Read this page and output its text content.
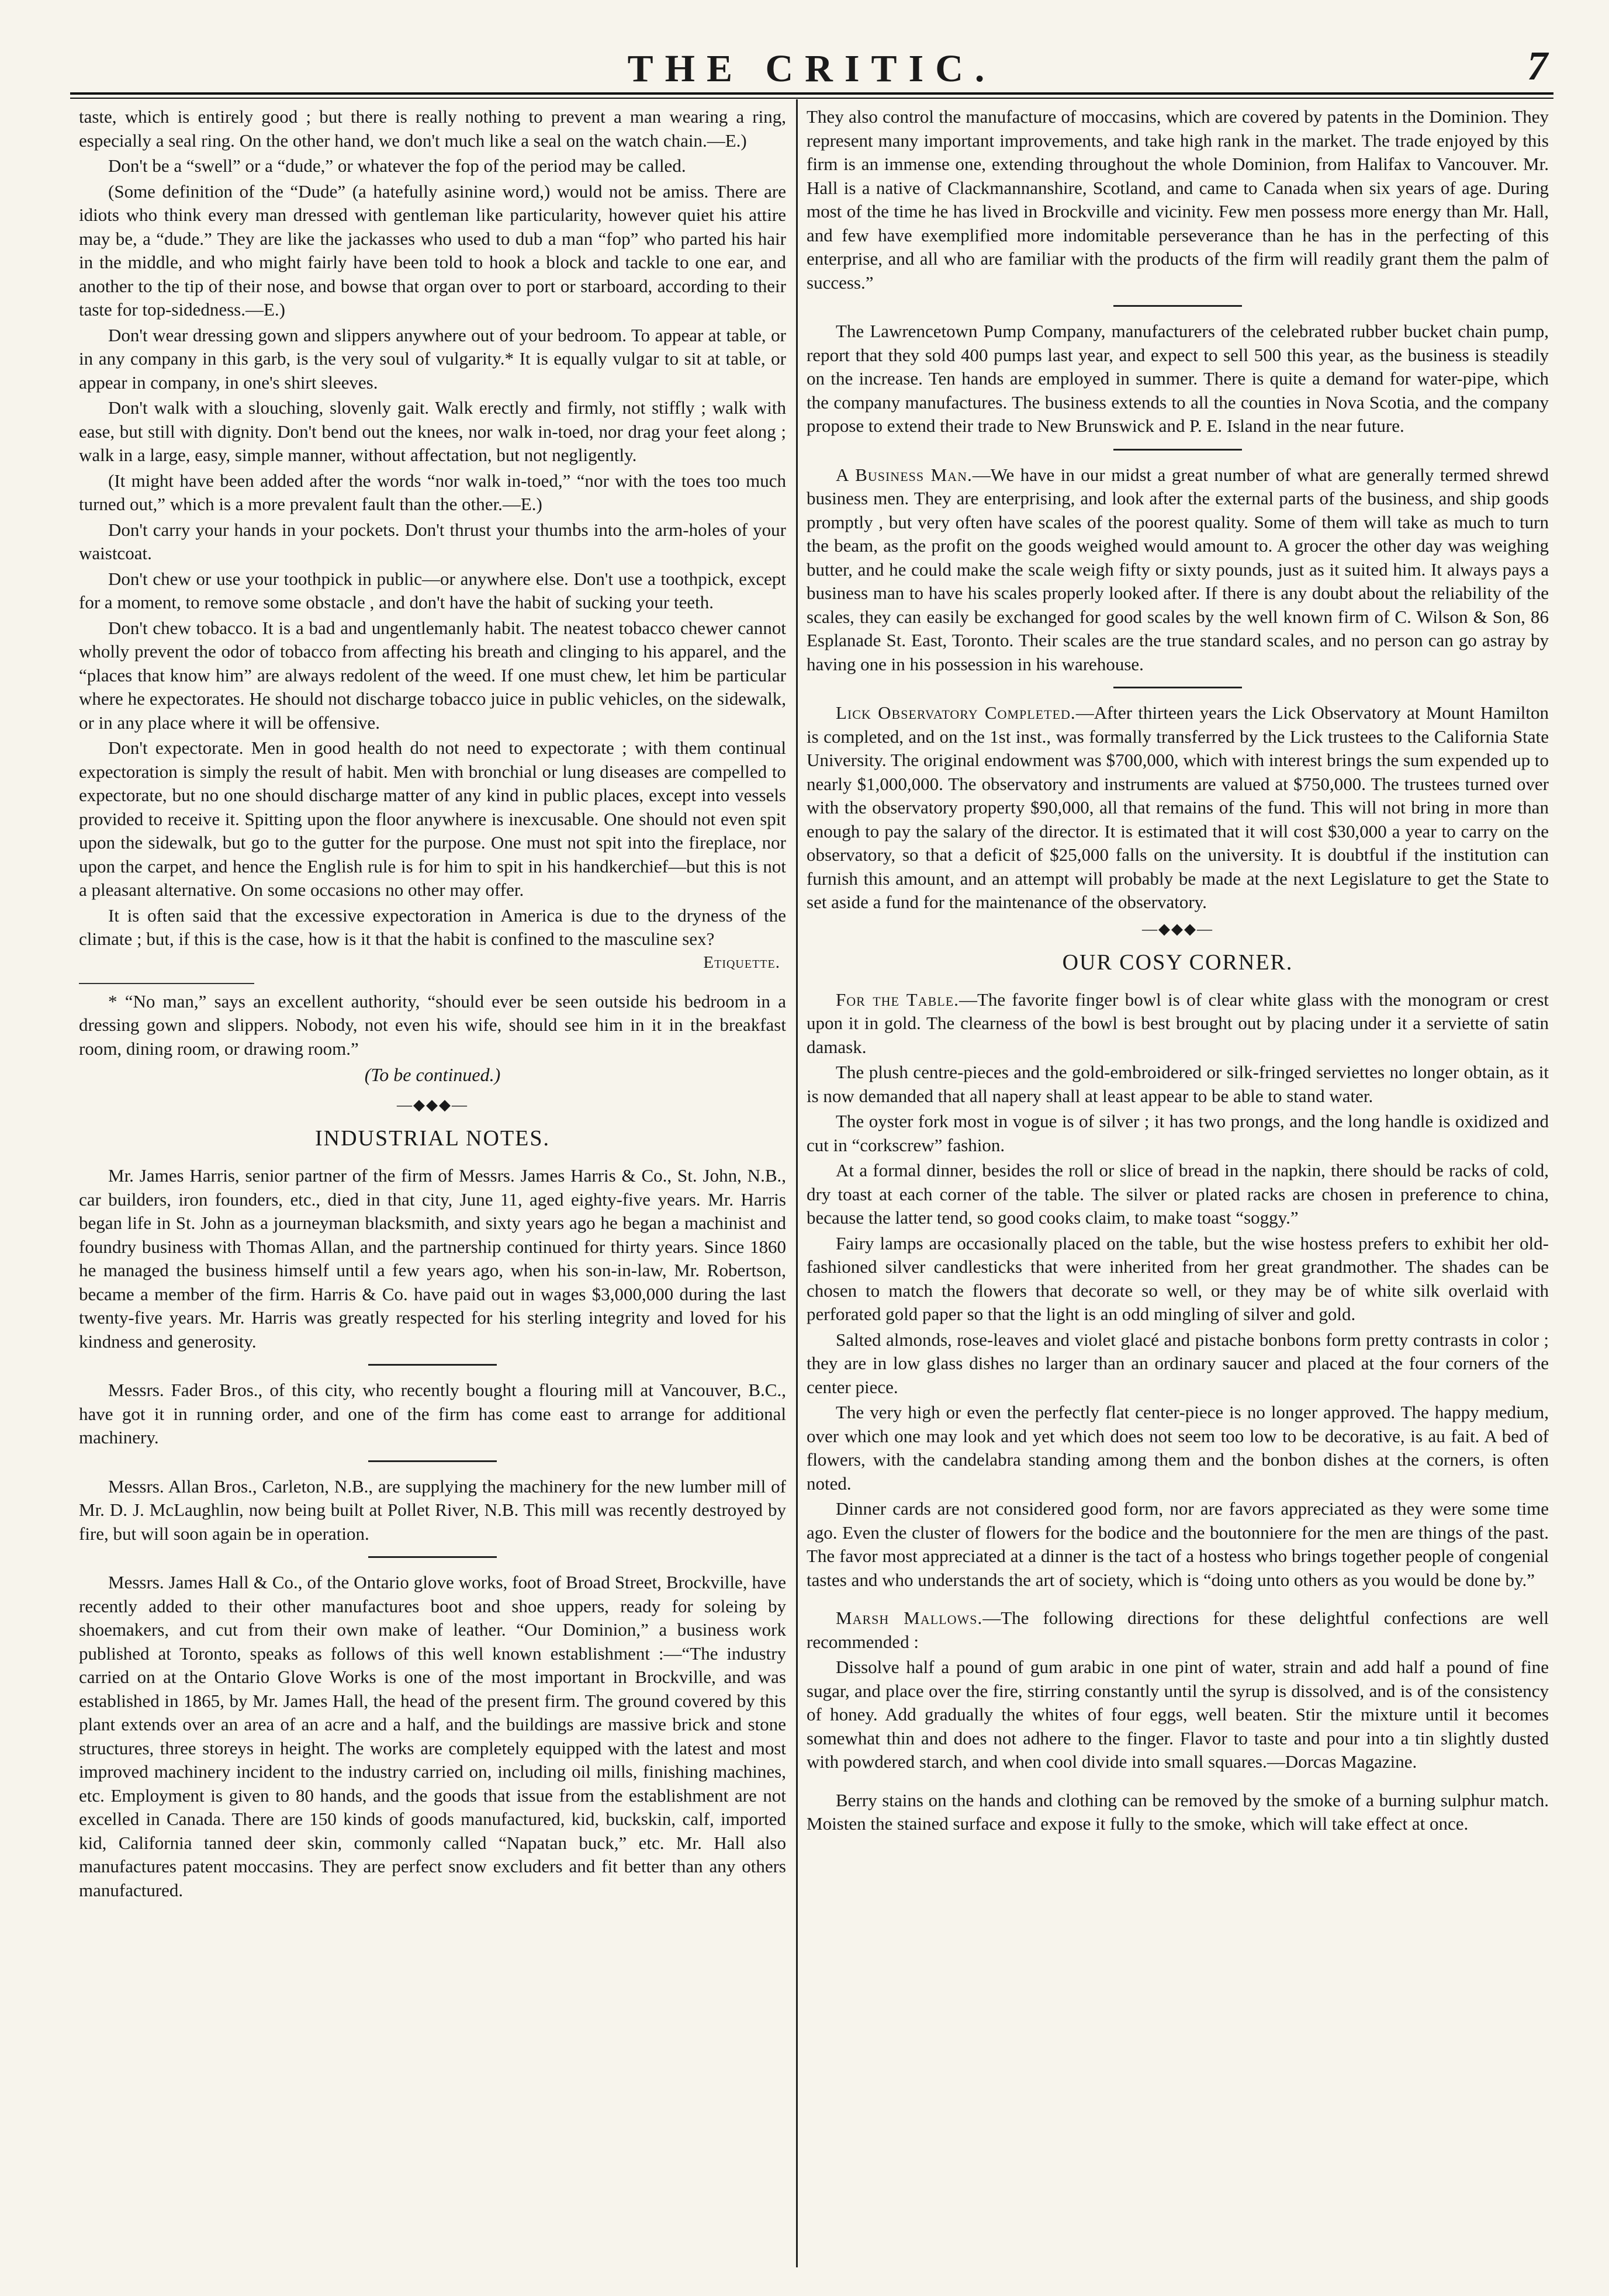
THE CRITIC.	7

taste, which is entirely good ; but there is really nothing to prevent a man wearing a ring, especially a seal ring. On the other hand, we don't much like a seal on the watch chain.—E.)

Don't be a “swell” or a “dude,” or whatever the fop of the period may be called.

(Some definition of the “Dude” (a hatefully asinine word,) would not be amiss. There are idiots who think every man dressed with gentleman like particularity, however quiet his attire may be, a “dude.” They are like the jackasses who used to dub a man “fop” who parted his hair in the middle, and who might fairly have been told to hook a block and tackle to one ear, and another to the tip of their nose, and bowse that organ over to port or starboard, according to their taste for top-sidedness.—E.)

Don't wear dressing gown and slippers anywhere out of your bedroom. To appear at table, or in any company in this garb, is the very soul of vulgarity.* It is equally vulgar to sit at table, or appear in company, in one's shirt sleeves.

Don't walk with a slouching, slovenly gait. Walk erectly and firmly, not stiffly ; walk with ease, but still with dignity. Don't bend out the knees, nor walk in-toed, nor drag your feet along ; walk in a large, easy, simple manner, without affectation, but not negligently.

(It might have been added after the words “nor walk in-toed,” “nor with the toes too much turned out,” which is a more prevalent fault than the other.—E.)

Don't carry your hands in your pockets. Don't thrust your thumbs into the arm-holes of your waistcoat.

Don't chew or use your toothpick in public—or anywhere else. Don't use a toothpick, except for a moment, to remove some obstacle , and don't have the habit of sucking your teeth.

Don't chew tobacco. It is a bad and ungentlemanly habit. The neatest tobacco chewer cannot wholly prevent the odor of tobacco from affecting his breath and clinging to his apparel, and the “places that know him” are always redolent of the weed. If one must chew, let him be particular where he expectorates. He should not discharge tobacco juice in public vehicles, on the sidewalk, or in any place where it will be offensive.

Don't expectorate. Men in good health do not need to expectorate ; with them continual expectoration is simply the result of habit. Men with bronchial or lung diseases are compelled to expectorate, but no one should discharge matter of any kind in public places, except into vessels provided to receive it. Spitting upon the floor anywhere is inexcusable. One should not even spit upon the sidewalk, but go to the gutter for the purpose. One must not spit into the fireplace, nor upon the carpet, and hence the English rule is for him to spit in his handkerchief—but this is not a pleasant alternative. On some occasions no other may offer.

It is often said that the excessive expectoration in America is due to the dryness of the climate ; but, if this is the case, how is it that the habit is confined to the masculine sex?

Etiquette.

* “No man,” says an excellent authority, “should ever be seen outside his bedroom in a dressing gown and slippers. Nobody, not even his wife, should see him in it in the breakfast room, dining room, or drawing room.”

(To be continued.)
—◆◆◆—
INDUSTRIAL NOTES.

Mr. James Harris, senior partner of the firm of Messrs. James Harris & Co., St. John, N.B., car builders, iron founders, etc., died in that city, June 11, aged eighty-five years. Mr. Harris began life in St. John as a journeyman blacksmith, and sixty years ago he began a machinist and foundry business with Thomas Allan, and the partnership continued for thirty years. Since 1860 he managed the business himself until a few years ago, when his son-in-law, Mr. Robertson, became a member of the firm. Harris & Co. have paid out in wages $3,000,000 during the last twenty-five years. Mr. Harris was greatly respected for his sterling integrity and loved for his kindness and generosity.

Messrs. Fader Bros., of this city, who recently bought a flouring mill at Vancouver, B.C., have got it in running order, and one of the firm has come east to arrange for additional machinery.

Messrs. Allan Bros., Carleton, N.B., are supplying the machinery for the new lumber mill of Mr. D. J. McLaughlin, now being built at Pollet River, N.B. This mill was recently destroyed by fire, but will soon again be in operation.

Messrs. James Hall & Co., of the Ontario glove works, foot of Broad Street, Brockville, have recently added to their other manufactures boot and shoe uppers, ready for soleing by shoemakers, and cut from their own make of leather. “Our Dominion,” a business work published at Toronto, speaks as follows of this well known establishment :—“The industry carried on at the Ontario Glove Works is one of the most important in Brockville, and was established in 1865, by Mr. James Hall, the head of the present firm. The ground covered by this plant extends over an area of an acre and a half, and the buildings are massive brick and stone structures, three storeys in height. The works are completely equipped with the latest and most improved machinery incident to the industry carried on, including oil mills, finishing machines, etc. Employment is given to 80 hands, and the goods that issue from the establishment are not excelled in Canada. There are 150 kinds of goods manufactured, kid, buckskin, calf, imported kid, California tanned deer skin, commonly called “Napatan buck,” etc. Mr. Hall also manufactures patent moccasins. They are perfect snow excluders and fit better than any others manufactured.

They also control the manufacture of moccasins, which are covered by patents in the Dominion. They represent many important improvements, and take high rank in the market. The trade enjoyed by this firm is an immense one, extending throughout the whole Dominion, from Halifax to Vancouver. Mr. Hall is a native of Clackmannanshire, Scotland, and came to Canada when six years of age. During most of the time he has lived in Brockville and vicinity. Few men possess more energy than Mr. Hall, and few have exemplified more indomitable perseverance than he has in the perfecting of this enterprise, and all who are familiar with the products of the firm will readily grant them the palm of success.”

The Lawrencetown Pump Company, manufacturers of the celebrated rubber bucket chain pump, report that they sold 400 pumps last year, and expect to sell 500 this year, as the business is steadily on the increase. Ten hands are employed in summer. There is quite a demand for water-pipe, which the company manufactures. The business extends to all the counties in Nova Scotia, and the company propose to extend their trade to New Brunswick and P. E. Island in the near future.

A Business Man.—We have in our midst a great number of what are generally termed shrewd business men. They are enterprising, and look after the external parts of the business, and ship goods promptly , but very often have scales of the poorest quality. Some of them will take as much to turn the beam, as the profit on the goods weighed would amount to. A grocer the other day was weighing butter, and he could make the scale weigh fifty or sixty pounds, just as it suited him. It always pays a business man to have his scales properly looked after. If there is any doubt about the reliability of the scales, they can easily be exchanged for good scales by the well known firm of C. Wilson & Son, 86 Esplanade St. East, Toronto. Their scales are the true standard scales, and no person can go astray by having one in his possession in his warehouse.

Lick Observatory Completed.—After thirteen years the Lick Observatory at Mount Hamilton is completed, and on the 1st inst., was formally transferred by the Lick trustees to the California State University. The original endowment was $700,000, which with interest brings the sum expended up to nearly $1,000,000. The observatory and instruments are valued at $750,000. The trustees turned over with the observatory property $90,000, all that remains of the fund. This will not bring in more than enough to pay the salary of the director. It is estimated that it will cost $30,000 a year to carry on the observatory, so that a deficit of $25,000 falls on the university. It is doubtful if the institution can furnish this amount, and an attempt will probably be made at the next Legislature to get the State to set aside a fund for the maintenance of the observatory.

—◆◆◆—
OUR COSY CORNER.

For the Table.—The favorite finger bowl is of clear white glass with the monogram or crest upon it in gold. The clearness of the bowl is best brought out by placing under it a serviette of satin damask.

The plush centre-pieces and the gold-embroidered or silk-fringed serviettes no longer obtain, as it is now demanded that all napery shall at least appear to be able to stand water.

The oyster fork most in vogue is of silver ; it has two prongs, and the long handle is oxidized and cut in “corkscrew” fashion.

At a formal dinner, besides the roll or slice of bread in the napkin, there should be racks of cold, dry toast at each corner of the table. The silver or plated racks are chosen in preference to china, because the latter tend, so good cooks claim, to make toast “soggy.”

Fairy lamps are occasionally placed on the table, but the wise hostess prefers to exhibit her old-fashioned silver candlesticks that were inherited from her great grandmother. The shades can be chosen to match the flowers that decorate so well, or they may be of white silk overlaid with perforated gold paper so that the light is an odd mingling of silver and gold.

Salted almonds, rose-leaves and violet glacé and pistache bonbons form pretty contrasts in color ; they are in low glass dishes no larger than an ordinary saucer and placed at the four corners of the center piece.

The very high or even the perfectly flat center-piece is no longer approved. The happy medium, over which one may look and yet which does not seem too low to be decorative, is au fait. A bed of flowers, with the candelabra standing among them and the bonbon dishes at the corners, is often noted.

Dinner cards are not considered good form, nor are favors appreciated as they were some time ago. Even the cluster of flowers for the bodice and the boutonniere for the men are things of the past. The favor most appreciated at a dinner is the tact of a hostess who brings together people of congenial tastes and who understands the art of society, which is “doing unto others as you would be done by.”

Marsh Mallows.—The following directions for these delightful confections are well recommended :

Dissolve half a pound of gum arabic in one pint of water, strain and add half a pound of fine sugar, and place over the fire, stirring constantly until the syrup is dissolved, and is of the consistency of honey. Add gradually the whites of four eggs, well beaten. Stir the mixture until it becomes somewhat thin and does not adhere to the finger. Flavor to taste and pour into a tin slightly dusted with powdered starch, and when cool divide into small squares.—Dorcas Magazine.

Berry stains on the hands and clothing can be removed by the smoke of a burning sulphur match. Moisten the stained surface and expose it fully to the smoke, which will take effect at once.
